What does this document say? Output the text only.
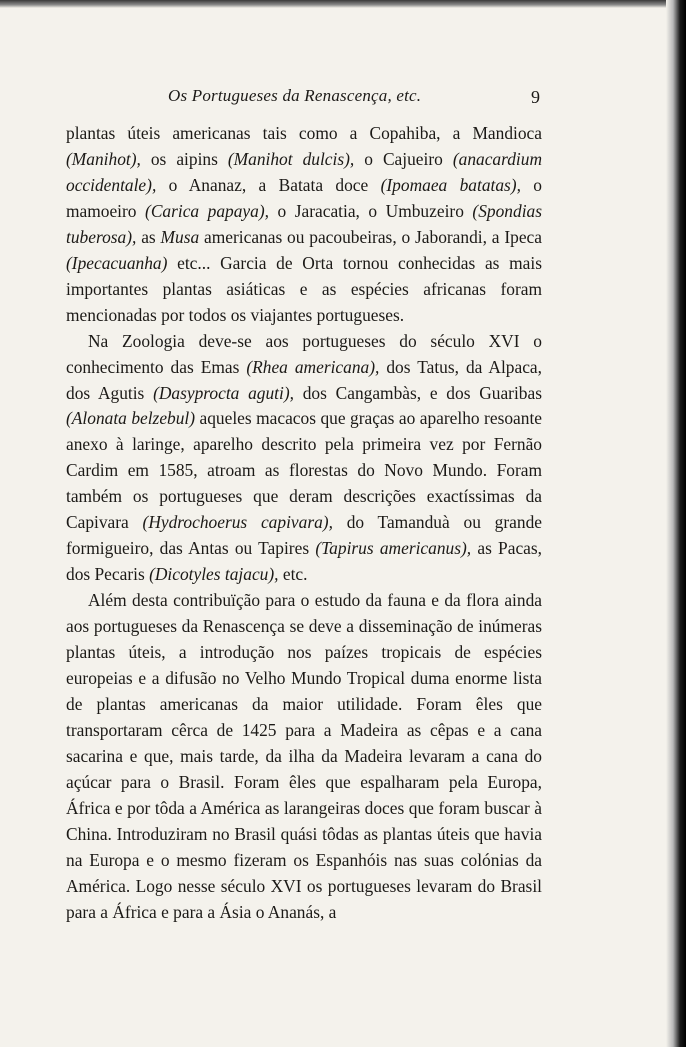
Os Portugueses da Renascença, etc.	9

plantas úteis americanas tais como a Copahiba, a Mandioca (Manihot), os aipins (Manihot dulcis), o Cajueiro (anacardium occidentale), o Ananaz, a Batata doce (Ipomaea batatas), o mamoeiro (Carica papaya), o Jaracatia, o Umbuzeiro (Spondias tuberosa), as Musa americanas ou pacoubeiras, o Jaborandi, a Ipeca (Ipecacuanha) etc... Garcia de Orta tornou conhecidas as mais importantes plantas asiáticas e as espécies africanas foram mencionadas por todos os viajantes portugueses.

Na Zoologia deve-se aos portugueses do século XVI o conhecimento das Emas (Rhea americana), dos Tatus, da Alpaca, dos Agutis (Dasyprocta aguti), dos Cangambàs, e dos Guaribas (Alonata belzebul) aqueles macacos que graças ao aparelho resoante anexo à laringe, aparelho descrito pela primeira vez por Fernão Cardim em 1585, atroam as florestas do Novo Mundo. Foram também os portugueses que deram descrições exactíssimas da Capivara (Hydrochoerus capivara), do Tamanduà ou grande formigueiro, das Antas ou Tapires (Tapirus americanus), as Pacas, dos Pecaris (Dicotyles tajacu), etc.

Além desta contribuïção para o estudo da fauna e da flora ainda aos portugueses da Renascença se deve a disseminação de inúmeras plantas úteis, a introdução nos paízes tropicais de espécies europeias e a difusão no Velho Mundo Tropical duma enorme lista de plantas americanas da maior utilidade. Foram êles que transportaram cêrca de 1425 para a Madeira as cêpas e a cana sacarina e que, mais tarde, da ilha da Madeira levaram a cana do açúcar para o Brasil. Foram êles que espalharam pela Europa, África e por tôda a América as larangeiras doces que foram buscar à China. Introduziram no Brasil quási tôdas as plantas úteis que havia na Europa e o mesmo fizeram os Espanhóis nas suas colónias da América. Logo nesse século XVI os portugueses levaram do Brasil para a África e para a Ásia o Ananás, a
